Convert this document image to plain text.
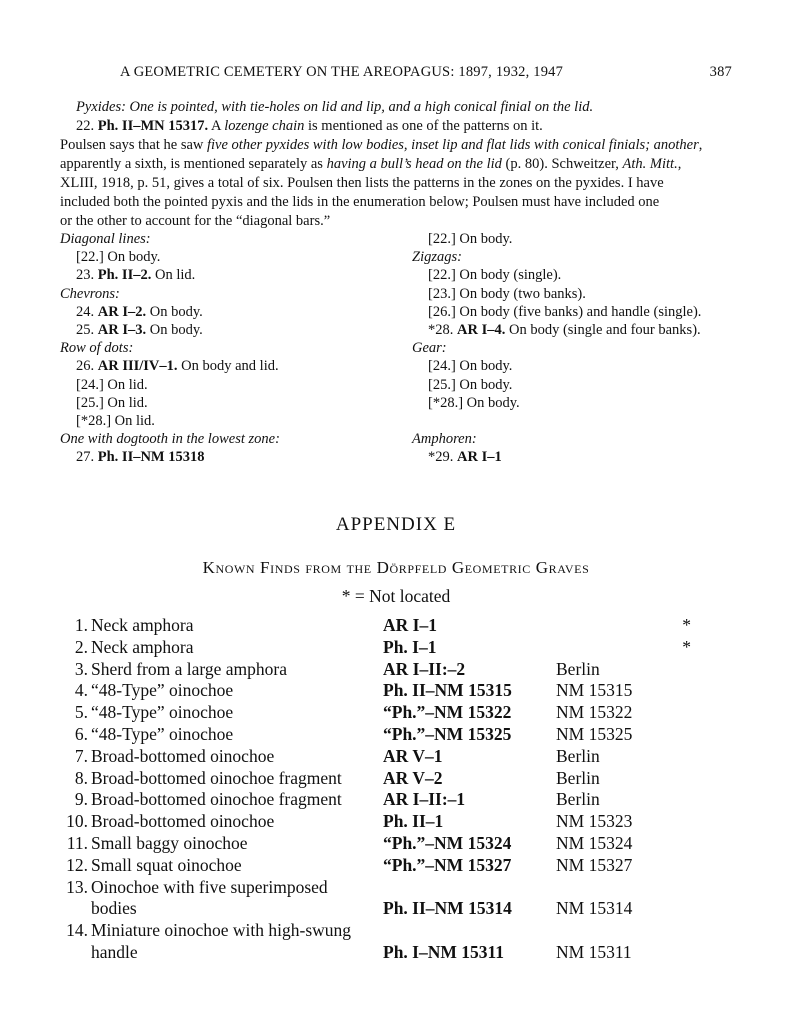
A GEOMETRIC CEMETERY ON THE AREOPAGUS: 1897, 1932, 1947	387
Pyxides: One is pointed, with tie-holes on lid and lip, and a high conical finial on the lid.
22. Ph. II–MN 15317. A lozenge chain is mentioned as one of the patterns on it.
Poulsen says that he saw five other pyxides with low bodies, inset lip and flat lids with conical finials; another,
apparently a sixth, is mentioned separately as having a bull’s head on the lid (p. 80). Schweitzer, Ath. Mitt.,
XLIII, 1918, p. 51, gives a total of six. Poulsen then lists the patterns in the zones on the pyxides. I have
included both the pointed pyxis and the lids in the enumeration below; Poulsen must have included one
or the other to account for the “diagonal bars.”
Diagonal lines:
[22.] On body.
23. Ph. II–2. On lid.
Chevrons:
24. AR I–2. On body.
25. AR I–3. On body.
Row of dots:
26. AR III/IV–1. On body and lid.
[24.] On lid.
[25.] On lid.
[*28.] On lid.
One with dogtooth in the lowest zone:
27. Ph. II–NM 15318
[22.] On body.
Zigzags:
[22.] On body (single).
[23.] On body (two banks).
[26.] On body (five banks) and handle (single).
*28. AR I–4. On body (single and four banks).
Gear:
[24.] On body.
[25.] On body.
[*28.] On body.
Amphoren:
*29. AR I–1
APPENDIX E
Known Finds from the Dörpfeld Geometric Graves
* = Not located
1.	Neck amphora	AR I–1		*
2.	Neck amphora	Ph. I–1		*
3.	Sherd from a large amphora	AR I–II:–2	Berlin	
4.	“48-Type” oinochoe	Ph. II–NM 15315	NM 15315	
5.	“48-Type” oinochoe	“Ph.”–NM 15322	NM 15322	
6.	“48-Type” oinochoe	“Ph.”–NM 15325	NM 15325	
7.	Broad-bottomed oinochoe	AR V–1	Berlin	
8.	Broad-bottomed oinochoe fragment	AR V–2	Berlin	
9.	Broad-bottomed oinochoe fragment	AR I–II:–1	Berlin	
10.	Broad-bottomed oinochoe	Ph. II–1	NM 15323	
11.	Small baggy oinochoe	“Ph.”–NM 15324	NM 15324	
12.	Small squat oinochoe	“Ph.”–NM 15327	NM 15327	
13.	Oinochoe with five superimposed			
	bodies	Ph. II–NM 15314	NM 15314	
14.	Miniature oinochoe with high-swung			
	handle	Ph. I–NM 15311	NM 15311	
